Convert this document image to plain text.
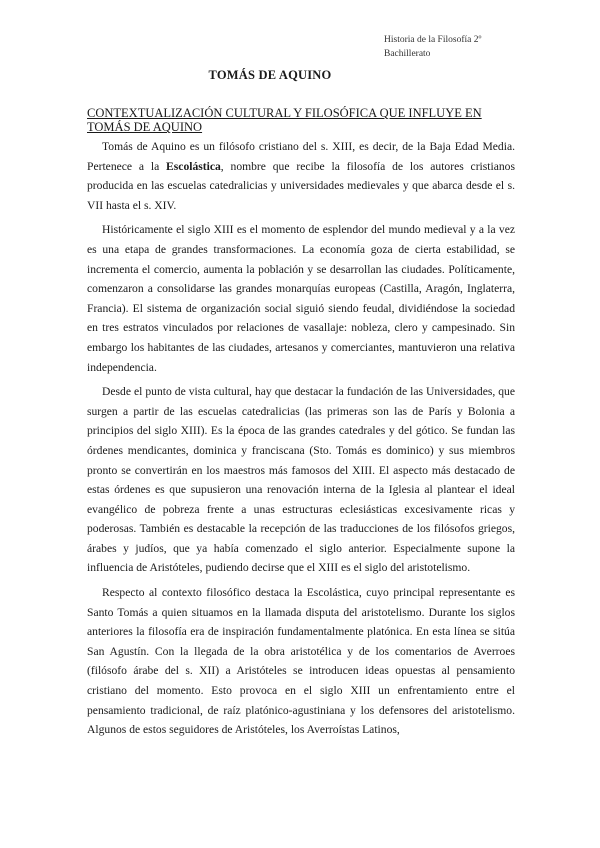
Historia de la Filosofía 2º
Bachillerato
TOMÁS DE AQUINO
CONTEXTUALIZACIÓN CULTURAL Y FILOSÓFICA QUE INFLUYE EN TOMÁS DE AQUINO

Tomás de Aquino es un filósofo cristiano del s. XIII, es decir, de la Baja Edad Media. Pertenece a la Escolástica, nombre que recibe la filosofía de los autores cristianos producida en las escuelas catedralicias y universidades medievales y que abarca desde el s. VII hasta el s. XIV.

Históricamente el siglo XIII es el momento de esplendor del mundo medieval y a la vez es una etapa de grandes transformaciones. La economía goza de cierta estabilidad, se incrementa el comercio, aumenta la población y se desarrollan las ciudades. Políticamente, comenzaron a consolidarse las grandes monarquías europeas (Castilla, Aragón, Inglaterra, Francia). El sistema de organización social siguió siendo feudal, dividiéndose la sociedad en tres estratos vinculados por relaciones de vasallaje: nobleza, clero y campesinado. Sin embargo los habitantes de las ciudades, artesanos y comerciantes, mantuvieron una relativa independencia.

Desde el punto de vista cultural, hay que destacar la fundación de las Universidades, que surgen a partir de las escuelas catedralicias (las primeras son las de París y Bolonia a principios del siglo XIII). Es la época de las grandes catedrales y del gótico. Se fundan las órdenes mendicantes, dominica y franciscana (Sto. Tomás es dominico) y sus miembros pronto se convertirán en los maestros más famosos del XIII. El aspecto más destacado de estas órdenes es que supusieron una renovación interna de la Iglesia al plantear el ideal evangélico de pobreza frente a unas estructuras eclesiásticas excesivamente ricas y poderosas. También es destacable la recepción de las traducciones de los filósofos griegos, árabes y judíos, que ya había comenzado el siglo anterior. Especialmente supone la influencia de Aristóteles, pudiendo decirse que el XIII es el siglo del aristotelismo.

Respecto al contexto filosófico destaca la Escolástica, cuyo principal representante es Santo Tomás a quien situamos en la llamada disputa del aristotelismo. Durante los siglos anteriores la filosofía era de inspiración fundamentalmente platónica. En esta línea se sitúa San Agustín. Con la llegada de la obra aristotélica y de los comentarios de Averroes (filósofo árabe del s. XII) a Aristóteles se introducen ideas opuestas al pensamiento cristiano del momento. Esto provoca en el siglo XIII un enfrentamiento entre el pensamiento tradicional, de raíz platónico-agustiniana y los defensores del aristotelismo. Algunos de estos seguidores de Aristóteles, los Averroístas Latinos,
